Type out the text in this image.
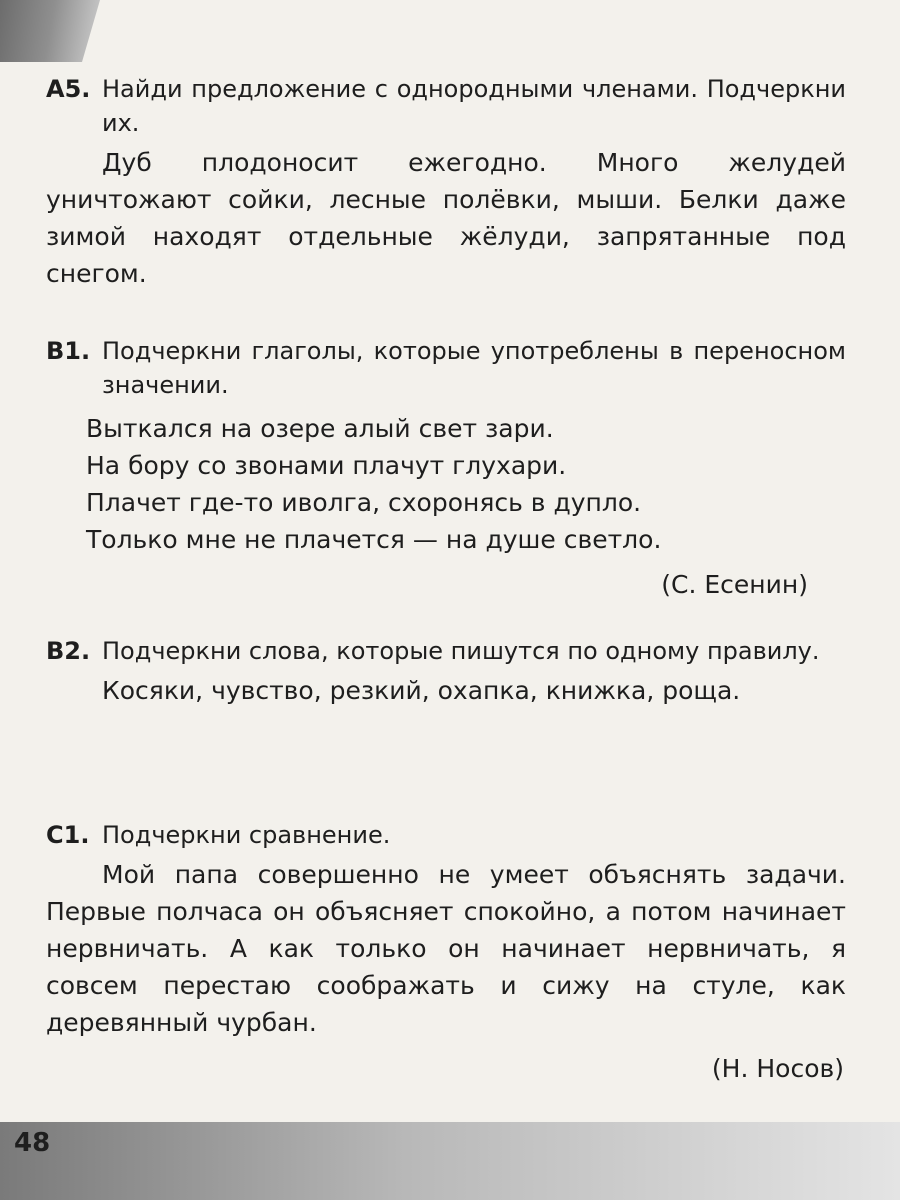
А5. Найди предложение с однородными членами. Подчеркни их.
Дуб плодоносит ежегодно. Много желудей уничтожают сойки, лесные полёвки, мыши. Белки даже зимой находят отдельные жёлуди, запрятанные под снегом.
В1. Подчеркни глаголы, которые употреблены в переносном значении.
Выткался на озере алый свет зари.
На бору со звонами плачут глухари.
Плачет где-то иволга, схоронясь в дупло.
Только мне не плачется — на душе светло.
(С. Есенин)
В2. Подчеркни слова, которые пишутся по одному правилу.
Косяки, чувство, резкий, охапка, книжка, роща.
С1. Подчеркни сравнение.
Мой папа совершенно не умеет объяснять задачи. Первые полчаса он объясняет спокойно, а потом начинает нервничать. А как только он начинает нервничать, я совсем перестаю соображать и сижу на стуле, как деревянный чурбан.
(Н. Носов)
48
